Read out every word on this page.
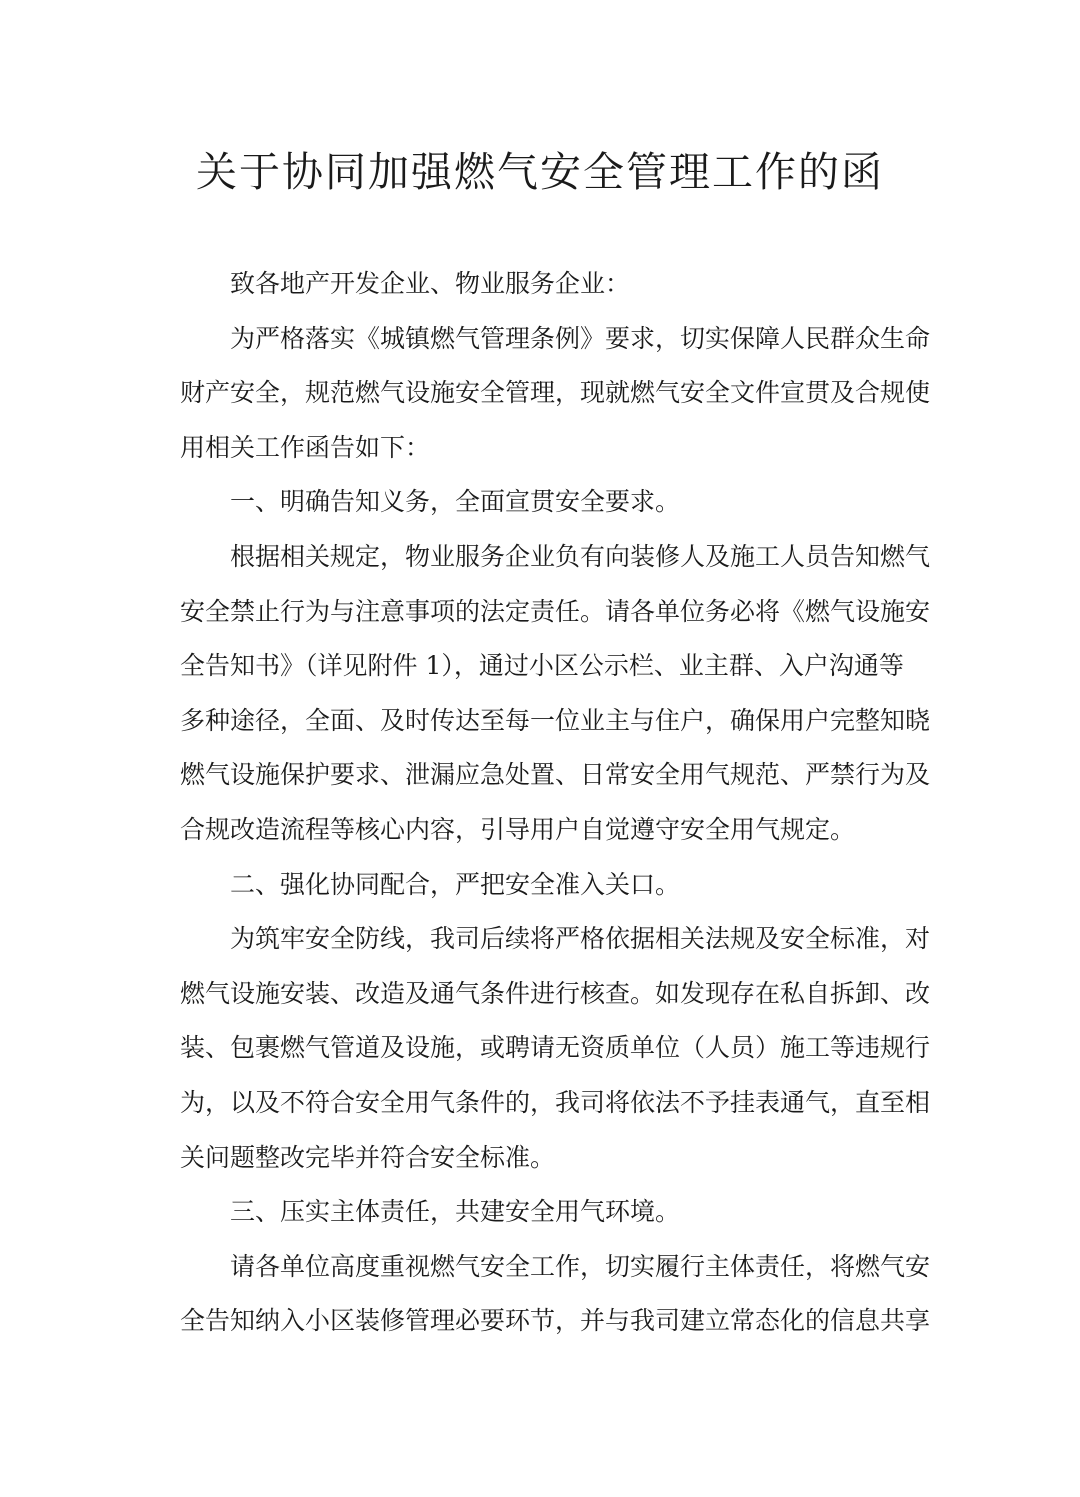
关于协同加强燃气安全管理工作的函
致各地产开发企业、物业服务企业：
为严格落实《城镇燃气管理条例》要求，切实保障人民群众生命
财产安全，规范燃气设施安全管理，现就燃气安全文件宣贯及合规使
用相关工作函告如下：
一、明确告知义务，全面宣贯安全要求。
根据相关规定，物业服务企业负有向装修人及施工人员告知燃气
安全禁止行为与注意事项的法定责任。请各单位务必将《燃气设施安
全告知书》（详见附件 1），通过小区公示栏、业主群、入户沟通等
多种途径，全面、及时传达至每一位业主与住户，确保用户完整知晓
燃气设施保护要求、泄漏应急处置、日常安全用气规范、严禁行为及
合规改造流程等核心内容，引导用户自觉遵守安全用气规定。
二、强化协同配合，严把安全准入关口。
为筑牢安全防线，我司后续将严格依据相关法规及安全标准，对
燃气设施安装、改造及通气条件进行核查。如发现存在私自拆卸、改
装、包裹燃气管道及设施，或聘请无资质单位（人员）施工等违规行
为，以及不符合安全用气条件的，我司将依法不予挂表通气，直至相
关问题整改完毕并符合安全标准。
三、压实主体责任，共建安全用气环境。
请各单位高度重视燃气安全工作，切实履行主体责任，将燃气安
全告知纳入小区装修管理必要环节，并与我司建立常态化的信息共享
